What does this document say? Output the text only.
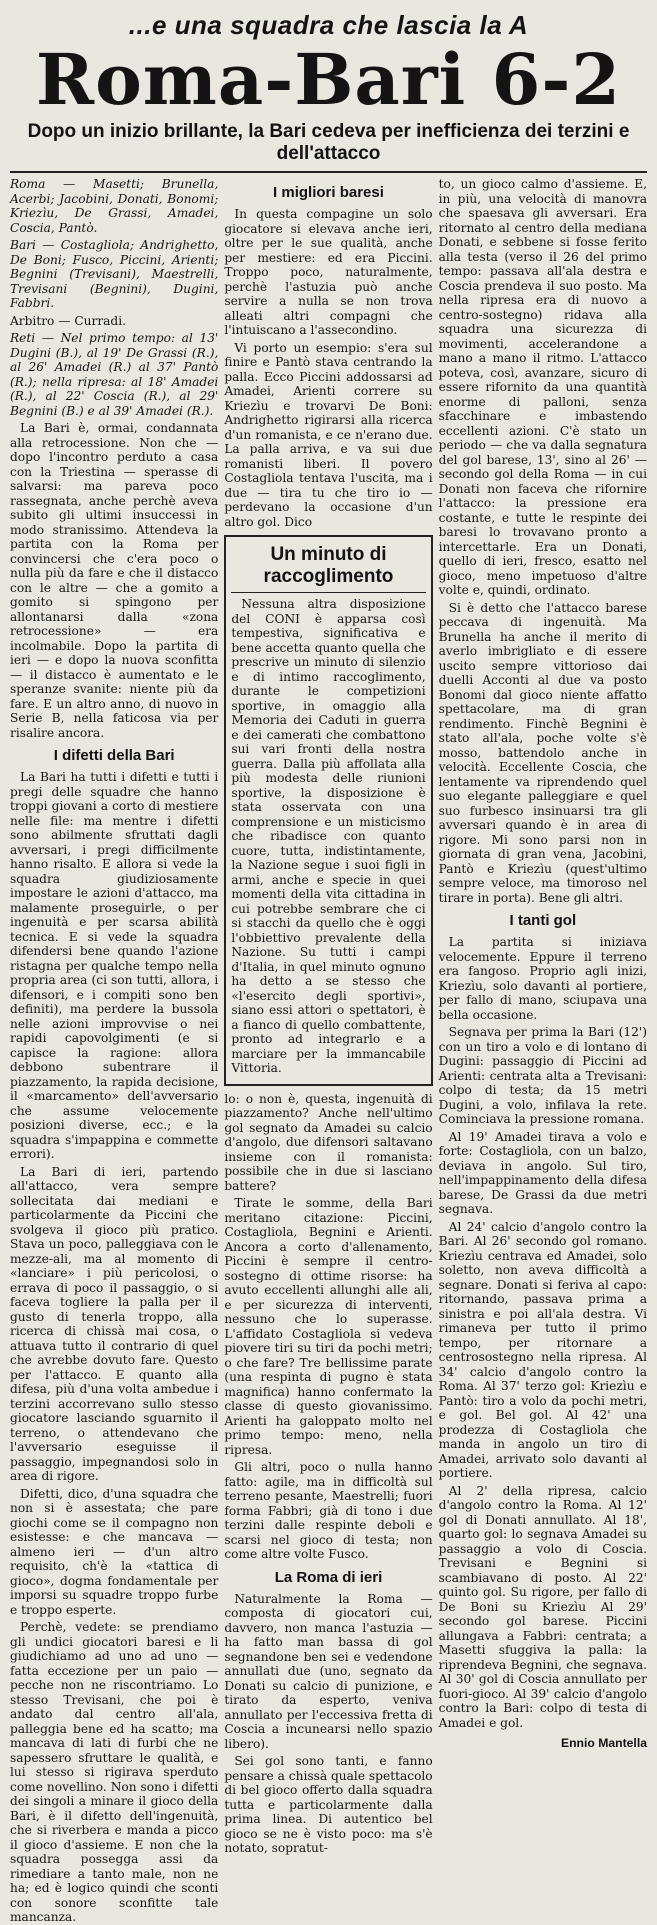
...e una squadra che lascia la A
Roma-Bari 6-2
Dopo un inizio brillante, la Bari cedeva per inefficienza dei terzini e dell'attacco

Roma — Masetti; Brunella, Acerbi; Jacobini, Donati, Bonomi; Kriezìu, De Grassi, Amadei, Coscia, Pantò.

Bari — Costagliola; Andrighetto, De Boni; Fusco, Piccini, Arienti; Begnini (Trevisani), Maestrelli, Trevisani (Begnini), Dugini, Fabbri.

Arbitro — Curradi.

Reti — Nel primo tempo: al 13' Dugini (B.), al 19' De Grassi (R.), al 26' Amadei (R.) al 37' Pantò (R.); nella ripresa: al 18' Amadei (R.), al 22' Coscia (R.), al 29' Begnini (B.) e al 39' Amadei (R.).

La Bari è, ormai, condannata alla retrocessione. Non che — dopo l'incontro perduto a casa con la Triestina — sperasse di salvarsi: ma pareva poco rassegnata, anche perchè aveva subito gli ultimi insuccessi in modo stranissimo. Attendeva la partita con la Roma per convincersi che c'era poco o nulla più da fare e che il distacco con le altre — che a gomito a gomito si spingono per allontanarsi dalla «zona retrocessione» — era incolmabile. Dopo la partita di ieri — e dopo la nuova sconfitta — il distacco è aumentato e le speranze svanite: niente più da fare. E un altro anno, di nuovo in Serie B, nella faticosa via per risalire ancora.

I difetti della Bari

La Bari ha tutti i difetti e tutti i pregi delle squadre che hanno troppi giovani a corto di mestiere nelle file: ma mentre i difetti sono abilmente sfruttati dagli avversari, i pregi difficilmente hanno risalto. E allora si vede la squadra giudiziosamente impostare le azioni d'attacco, ma malamente proseguirle, o per ingenuità e per scarsa abilità tecnica. E si vede la squadra difendersi bene quando l'azione ristagna per qualche tempo nella propria area (ci son tutti, allora, i difensori, e i compiti sono ben definiti), ma perdere la bussola nelle azioni improvvise o nei rapidi capovolgimenti (e si capisce la ragione: allora debbono subentrare il piazzamento, la rapida decisione, il «marcamento» dell'avversario che assume velocemente posizioni diverse, ecc.; e la squadra s'impappina e commette errori).

La Bari di ieri, partendo all'attacco, vera sempre sollecitata dai mediani e particolarmente da Piccini che svolgeva il gioco più pratico. Stava un poco, palleggiava con le mezze-ali, ma al momento di «lanciare» i più pericolosi, o errava di poco il passaggio, o si faceva togliere la palla per il gusto di tenerla troppo, alla ricerca di chissà mai cosa, o attuava tutto il contrario di quel che avrebbe dovuto fare. Questo per l'attacco. E quanto alla difesa, più d'una volta ambedue i terzini accorrevano sullo stesso giocatore lasciando sguarnito il terreno, o attendevano che l'avversario eseguisse il passaggio, impegnandosi solo in area di rigore.

Difetti, dico, d'una squadra che non si è assestata; che pare giochi come se il compagno non esistesse: e che mancava — almeno ieri — d'un altro requisito, ch'è la «tattica di gioco», dogma fondamentale per imporsi su squadre troppo furbe e troppo esperte.

Perchè, vedete: se prendiamo gli undici giocatori baresi e li giudichiamo ad uno ad uno — fatta eccezione per un paio — pecche non ne riscontriamo. Lo stesso Trevisani, che poi è andato dal centro all'ala, palleggia bene ed ha scatto; ma mancava di lati di furbi che ne sapessero sfruttare le qualità, e lui stesso si rigirava sperduto come novellino. Non sono i difetti dei singoli a minare il gioco della Bari, è il difetto dell'ingenuità, che si riverbera e manda a picco il gioco d'assieme. E non che la squadra possegga assi da rimediare a tanto male, non ne ha; ed è logico quindi che sconti con sonore sconfitte tale mancanza.

I migliori baresi

In questa compagine un solo giocatore si elevava anche ieri, oltre per le sue qualità, anche per mestiere: ed era Piccini. Troppo poco, naturalmente, perchè l'astuzia può anche servire a nulla se non trova alleati altri compagni che l'intuiscano a l'assecondino.

Vi porto un esempio: s'era sul finire e Pantò stava centrando la palla. Ecco Piccini addossarsi ad Amadei, Arienti correre su Kriezìu e trovarvi De Boni: Andrighetto rigirarsi alla ricerca d'un romanista, e ce n'erano due. La palla arriva, e va sui due romanisti liberi. Il povero Costagliola tentava l'uscita, ma i due — tira tu che tiro io — perdevano la occasione d'un altro gol. Dico

Un minuto di raccoglimento

Nessuna altra disposizione del CONI è apparsa così tempestiva, significativa e bene accetta quanto quella che prescrive un minuto di silenzio e di intimo raccoglimento, durante le competizioni sportive, in omaggio alla Memoria dei Caduti in guerra e dei camerati che combattono sui vari fronti della nostra guerra. Dalla più affollata alla più modesta delle riunioni sportive, la disposizione è stata osservata con una comprensione e un misticismo che ribadisce con quanto cuore, tutta, indistintamente, la Nazione segue i suoi figli in armi, anche e specie in quei momenti della vita cittadina in cui potrebbe sembrare che ci si stacchi da quello che è oggi l'obbiettivo prevalente della Nazione. Su tutti i campi d'Italia, in quel minuto ognuno ha detto a se stesso che «l'esercito degli sportivi», siano essi attori o spettatori, è a fianco di quello combattente, pronto ad integrarlo e a marciare per la immancabile Vittoria.

lo: o non è, questa, ingenuità di piazzamento? Anche nell'ultimo gol segnato da Amadei su calcio d'angolo, due difensori saltavano insieme con il romanista: possibile che in due si lasciano battere?

Tirate le somme, della Bari meritano citazione: Piccini, Costagliola, Begnini e Arienti. Ancora a corto d'allenamento, Piccini è sempre il centro-sostegno di ottime risorse: ha avuto eccellenti allunghi alle ali, e per sicurezza di interventi, nessuno che lo superasse. L'affidato Costagliola si vedeva piovere tiri su tiri da pochi metri; o che fare? Tre bellissime parate (una respinta di pugno è stata magnifica) hanno confermato la classe di questo giovanissimo. Arienti ha galoppato molto nel primo tempo: meno, nella ripresa.

Gli altri, poco o nulla hanno fatto: agile, ma in difficoltà sul terreno pesante, Maestrelli; fuori forma Fabbri; già di tono i due terzini dalle respinte deboli e scarsi nel gioco di testa; non come altre volte Fusco.

La Roma di ieri

Naturalmente la Roma — composta di giocatori cui, davvero, non manca l'astuzia — ha fatto man bassa di gol segnandone ben sei e vedendone annullati due (uno, segnato da Donati su calcio di punizione, e tirato da esperto, veniva annullato per l'eccessiva fretta di Coscia a incunearsi nello spazio libero).

Sei gol sono tanti, e fanno pensare a chissà quale spettacolo di bel gioco offerto dalla squadra tutta e particolarmente dalla prima linea. Di autentico bel gioco se ne è visto poco: ma s'è notato, sopratut-

to, un gioco calmo d'assieme. E, in più, una velocità di manovra che spaesava gli avversari. Era ritornato al centro della mediana Donati, e sebbene si fosse ferito alla testa (verso il 26 del primo tempo: passava all'ala destra e Coscia prendeva il suo posto. Ma nella ripresa era di nuovo a centro-sostegno) ridava alla squadra una sicurezza di movimenti, accelerandone a mano a mano il ritmo. L'attacco poteva, così, avanzare, sicuro di essere rifornito da una quantità enorme di palloni, senza sfacchinare e imbastendo eccellenti azioni. C'è stato un periodo — che va dalla segnatura del gol barese, 13', sino al 26' — secondo gol della Roma — in cui Donati non faceva che rifornire l'attacco: la pressione era costante, e tutte le respinte dei baresi lo trovavano pronto a intercettarle. Era un Donati, quello di ieri, fresco, esatto nel gioco, meno impetuoso d'altre volte e, quindi, ordinato.

Si è detto che l'attacco barese peccava di ingenuità. Ma Brunella ha anche il merito di averlo imbrigliato e di essere uscito sempre vittorioso dai duelli Acconti al due va posto Bonomi dal gioco niente affatto spettacolare, ma di gran rendimento. Finchè Begnini è stato all'ala, poche volte s'è mosso, battendolo anche in velocità. Eccellente Coscia, che lentamente va riprendendo quel suo elegante palleggiare e quel suo furbesco insinuarsi tra gli avversari quando è in area di rigore. Mi sono parsi non in giornata di gran vena, Jacobini, Pantò e Kriezìu (quest'ultimo sempre veloce, ma timoroso nel tirare in porta). Bene gli altri.

I tanti gol

La partita si iniziava velocemente. Eppure il terreno era fangoso. Proprio agli inizi, Kriezìu, solo davanti al portiere, per fallo di mano, sciupava una bella occasione.

Segnava per prima la Bari (12') con un tiro a volo e di lontano di Dugini: passaggio di Piccini ad Arienti: centrata alta a Trevisani: colpo di testa; da 15 metri Dugini, a volo, infilava la rete. Cominciava la pressione romana.

Al 19' Amadei tirava a volo e forte: Costagliola, con un balzo, deviava in angolo. Sul tiro, nell'impappinamento della difesa barese, De Grassi da due metri segnava.

Al 24' calcio d'angolo contro la Bari. Al 26' secondo gol romano. Kriezìu centrava ed Amadei, solo soletto, non aveva difficoltà a segnare. Donati si feriva al capo: ritornando, passava prima a sinistra e poi all'ala destra. Vi rimaneva per tutto il primo tempo, per ritornare a centrosostegno nella ripresa. Al 34' calcio d'angolo contro la Roma. Al 37' terzo gol: Kriezìu e Pantò: tiro a volo da pochi metri, e gol. Bel gol. Al 42' una prodezza di Costagliola che manda in angolo un tiro di Amadei, arrivato solo davanti al portiere.

Al 2' della ripresa, calcio d'angolo contro la Roma. Al 12' gol di Donati annullato. Al 18', quarto gol: lo segnava Amadei su passaggio a volo di Coscia. Trevisani e Begnini si scambiavano di posto. Al 22' quinto gol. Su rigore, per fallo di De Boni su Kriezìu Al 29' secondo gol barese. Piccini allungava a Fabbri: centrata; a Masetti sfuggiva la palla: la riprendeva Begnini, che segnava. Al 30' gol di Coscia annullato per fuori-gioco. Al 39' calcio d'angolo contro la Bari: colpo di testa di Amadei e gol.

Ennio Mantella
